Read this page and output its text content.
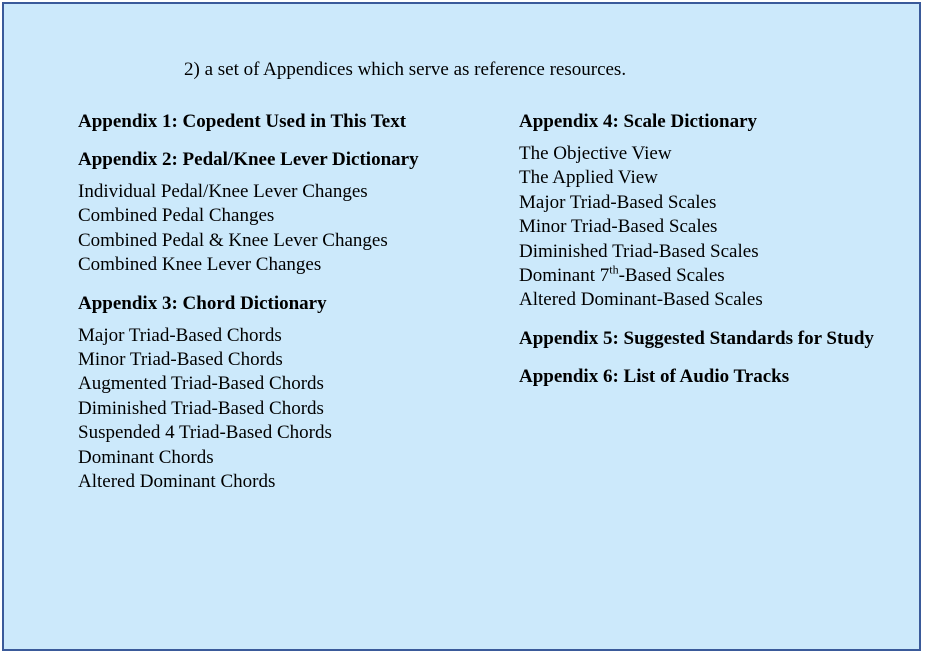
2) a set of Appendices which serve as reference resources.
Appendix 1: Copedent Used in This Text
Appendix 2: Pedal/Knee Lever Dictionary
Individual Pedal/Knee Lever Changes
Combined Pedal Changes
Combined Pedal & Knee Lever Changes
Combined Knee Lever Changes
Appendix 3: Chord Dictionary
Major Triad-Based Chords
Minor Triad-Based Chords
Augmented Triad-Based Chords
Diminished Triad-Based Chords
Suspended 4 Triad-Based Chords
Dominant Chords
Altered Dominant Chords
Appendix 4: Scale Dictionary
The Objective View
The Applied View
Major Triad-Based Scales
Minor Triad-Based Scales
Diminished Triad-Based Scales
Dominant 7th-Based Scales
Altered Dominant-Based Scales
Appendix 5: Suggested Standards for Study
Appendix 6: List of Audio Tracks
